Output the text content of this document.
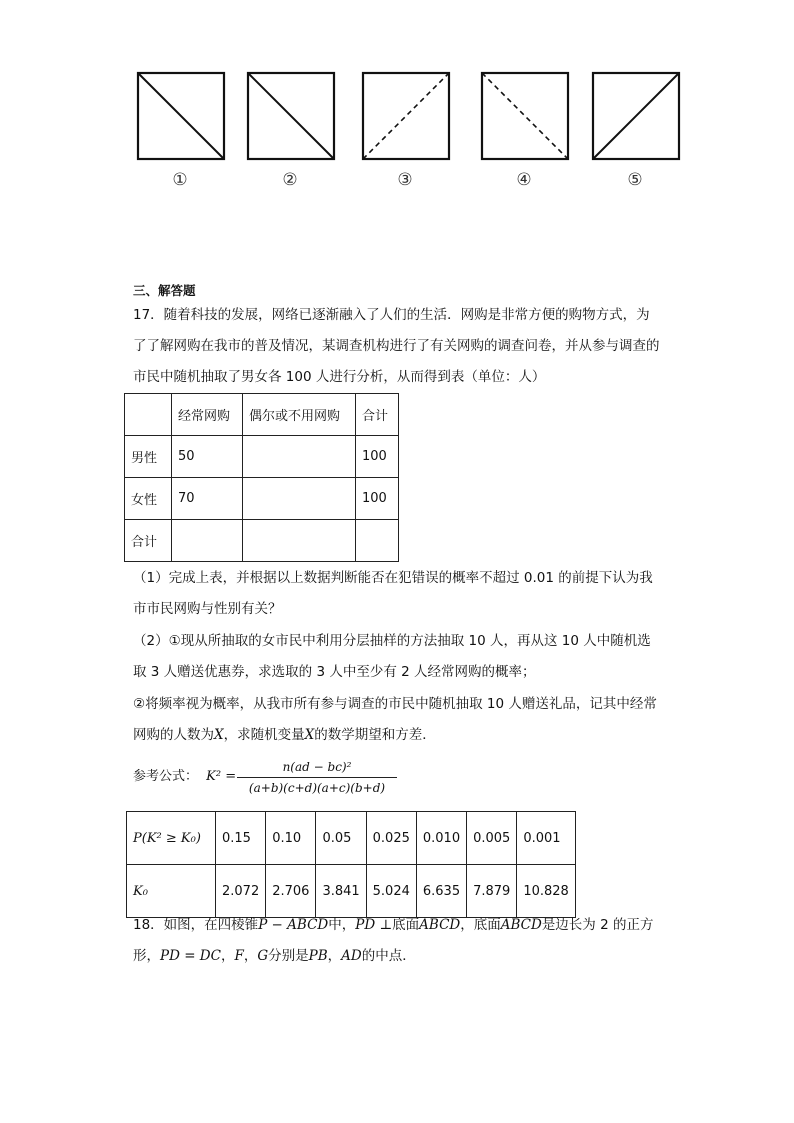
①	②	③	④	⑤
三、解答题
17．随着科技的发展，网络已逐渐融入了人们的生活．网购是非常方便的购物方式，为了了解网购在我市的普及情况，某调查机构进行了有关网购的调查问卷，并从参与调查的市民中随机抽取了男女各 100 人进行分析，从而得到表（单位：人）
	经常网购	偶尔或不用网购	合计
男性	50		100
女性	70		100
合计			
（1）完成上表，并根据以上数据判断能否在犯错误的概率不超过 0.01 的前提下认为我市市民网购与性别有关？
（2）①现从所抽取的女市民中利用分层抽样的方法抽取 10 人，再从这 10 人中随机选取 3 人赠送优惠券，求选取的 3 人中至少有 2 人经常网购的概率；
②将频率视为概率，从我市所有参与调查的市民中随机抽取 10 人赠送礼品，记其中经常网购的人数为X，求随机变量X的数学期望和方差．
参考公式： K² =
n(ad − bc)²
(a+b)(c+d)(a+c)(b+d)
P(K² ≥ K₀)	0.15	0.10	0.05	0.025	0.010	0.005	0.001
K₀	2.072	2.706	3.841	5.024	6.635	7.879	10.828
18．如图，在四棱锥P − ABCD中，PD ⊥底面ABCD，底面ABCD是边长为 2 的正方形，PD = DC，F，G分别是PB，AD的中点．
